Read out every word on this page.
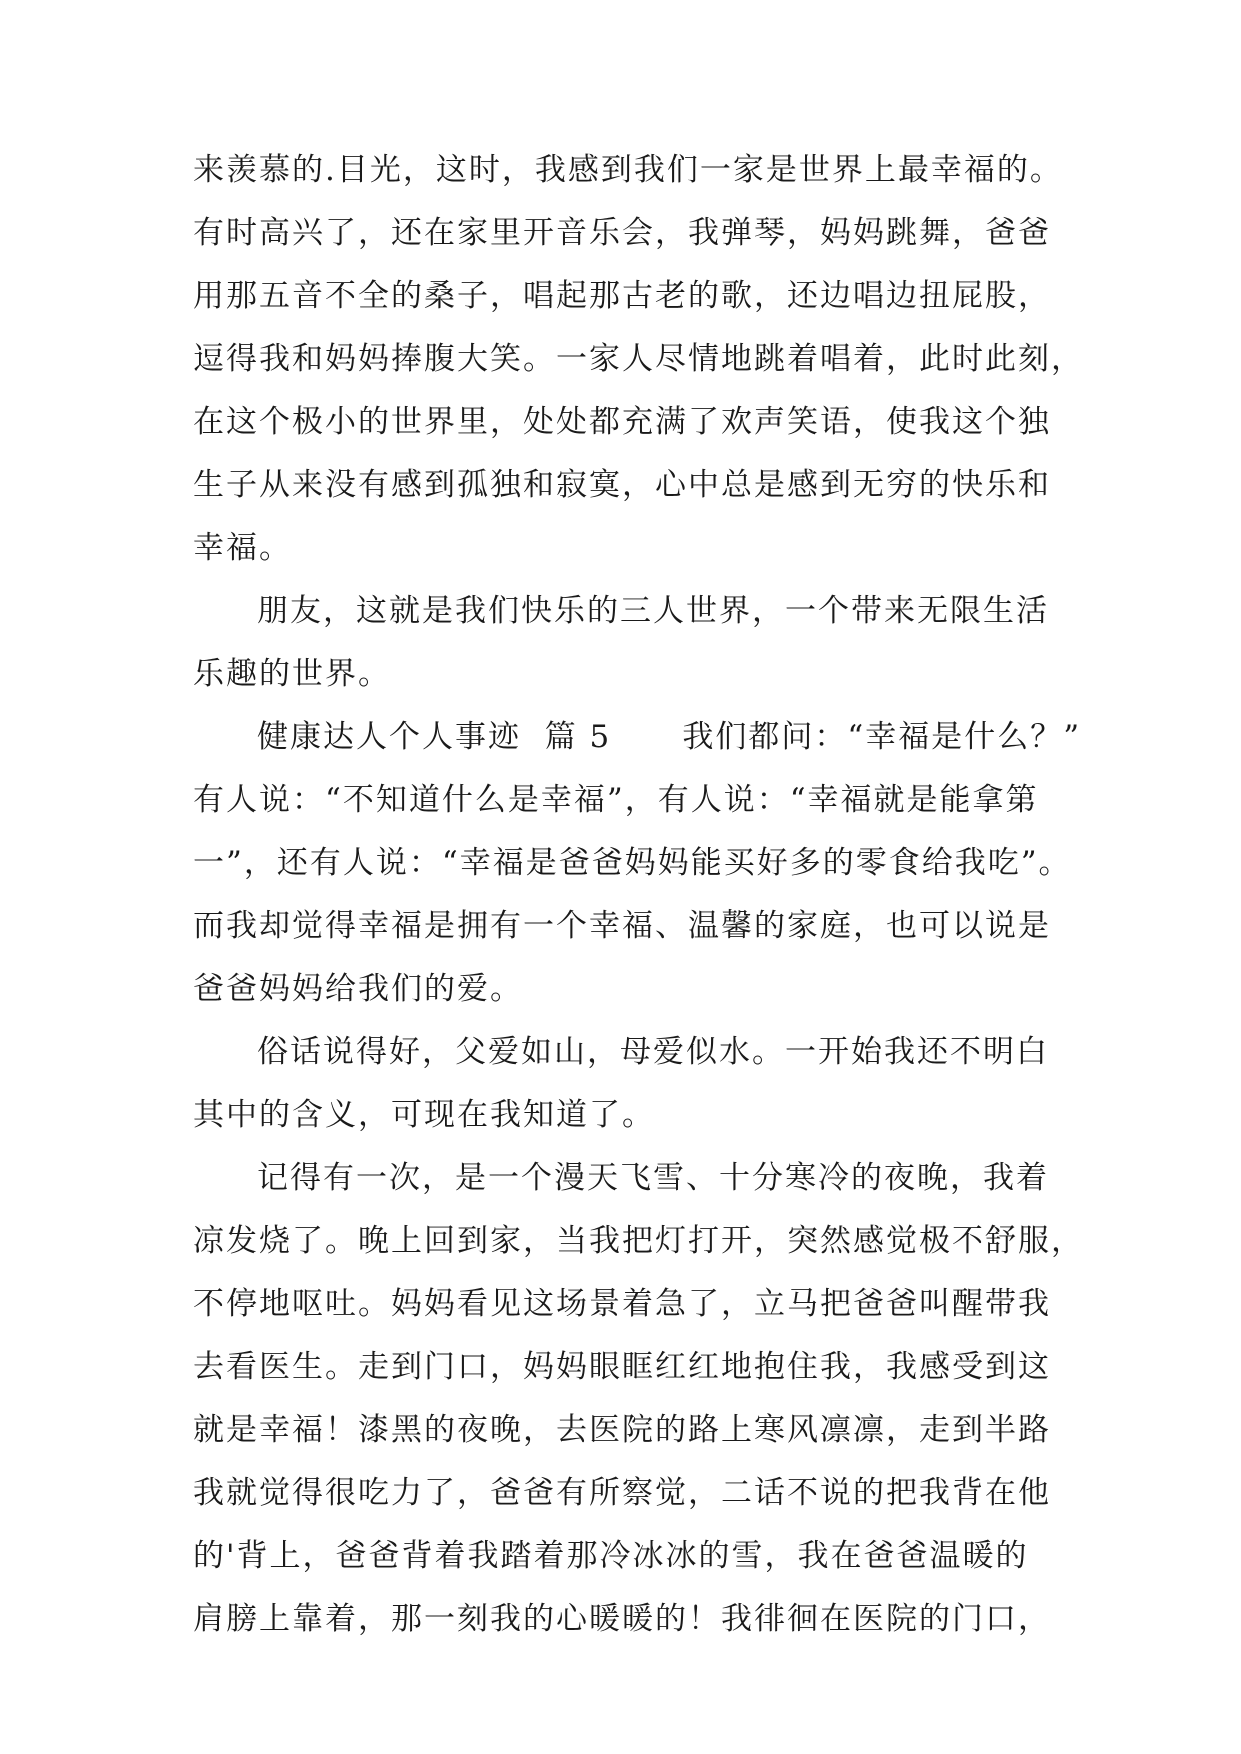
来羡慕的.目光，这时，我感到我们一家是世界上最幸福的。
有时高兴了，还在家里开音乐会，我弹琴，妈妈跳舞，爸爸
用那五音不全的桑子，唱起那古老的歌，还边唱边扭屁股，
逗得我和妈妈捧腹大笑。一家人尽情地跳着唱着，此时此刻，
在这个极小的世界里，处处都充满了欢声笑语，使我这个独
生子从来没有感到孤独和寂寞，心中总是感到无穷的快乐和
幸福。
朋友，这就是我们快乐的三人世界，一个带来无限生活
乐趣的世界。
健康达人个人事迹  篇 5      我们都问：“幸福是什么？”
有人说：“不知道什么是幸福”，有人说：“幸福就是能拿第
一”，还有人说：“幸福是爸爸妈妈能买好多的零食给我吃”。
而我却觉得幸福是拥有一个幸福、温馨的家庭，也可以说是
爸爸妈妈给我们的爱。
俗话说得好，父爱如山，母爱似水。一开始我还不明白
其中的含义，可现在我知道了。
记得有一次，是一个漫天飞雪、十分寒冷的夜晚，我着
凉发烧了。晚上回到家，当我把灯打开，突然感觉极不舒服，
不停地呕吐。妈妈看见这场景着急了，立马把爸爸叫醒带我
去看医生。走到门口，妈妈眼眶红红地抱住我，我感受到这
就是幸福！漆黑的夜晚，去医院的路上寒风凛凛，走到半路
我就觉得很吃力了，爸爸有所察觉，二话不说的把我背在他
的'背上，爸爸背着我踏着那冷冰冰的雪，我在爸爸温暖的
肩膀上靠着，那一刻我的心暖暖的！我徘徊在医院的门口，
